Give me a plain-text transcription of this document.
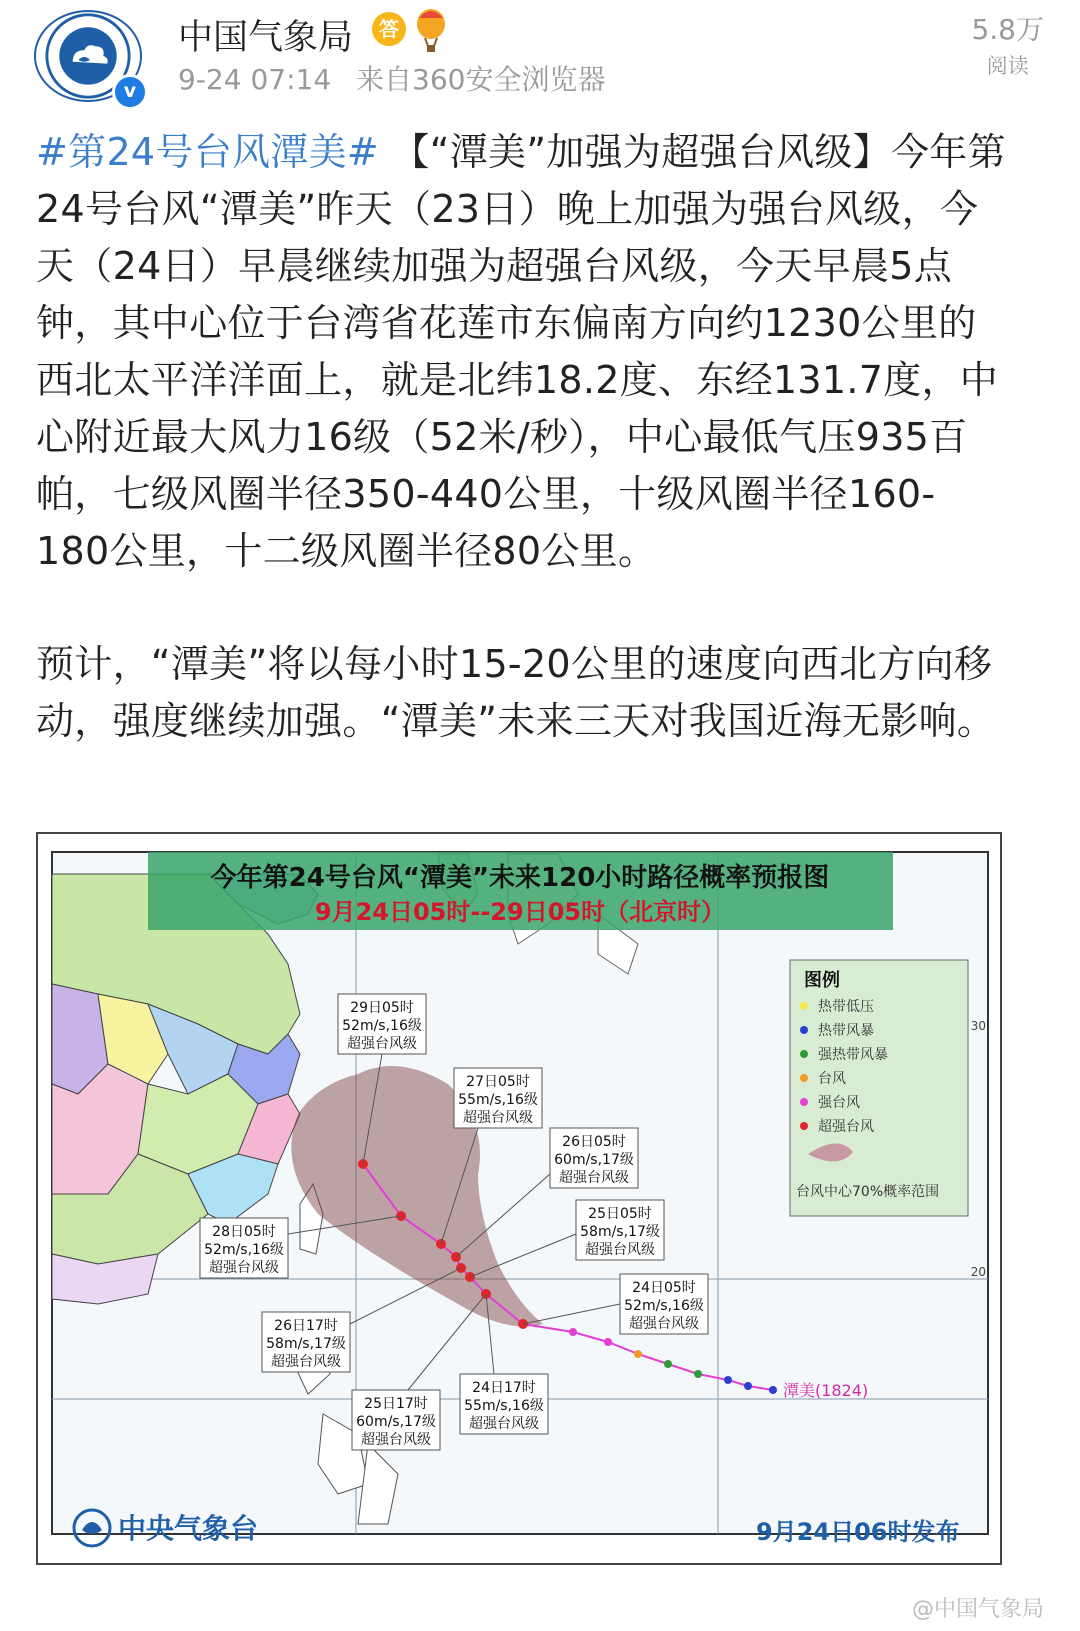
v
中国气象局	答
9-24 07:14 来自360安全浏览器
5.8万
阅读

#第24号台风潭美# 【“潭美”加强为超强台风级】今年第24号台风“潭美”昨天（23日）晚上加强为强台风级，今天（24日）早晨继续加强为超强台风级，今天早晨5点钟，其中心位于台湾省花莲市东偏南方向约1230公里的西北太平洋洋面上，就是北纬18.2度、东经131.7度，中心附近最大风力16级（52米/秒），中心最低气压935百帕，七级风圈半径350-440公里，十级风圈半径160-180公里，十二级风圈半径80公里。

预计，“潭美”将以每小时15-20公里的速度向西北方向移动，强度继续加强。“潭美”未来三天对我国近海无影响。

今年第24号台风“潭美”未来120小时路径概率预报图
9月24日05时--29日05时（北京时）
潭美(1824)
29日05时
52m/s,16级
超强台风级
27日05时
55m/s,16级
超强台风级
26日05时
60m/s,17级
超强台风级
25日05时
58m/s,17级
超强台风级
24日05时
52m/s,16级
超强台风级
28日05时
52m/s,16级
超强台风级
26日17时
58m/s,17级
超强台风级
25日17时
60m/s,17级
超强台风级
24日17时
55m/s,16级
超强台风级
图例
热带低压
热带风暴
强热带风暴
台风
强台风
超强台风
台风中心70%概率范围
30
20
中央气象台	9月24日06时发布
@中国气象局
